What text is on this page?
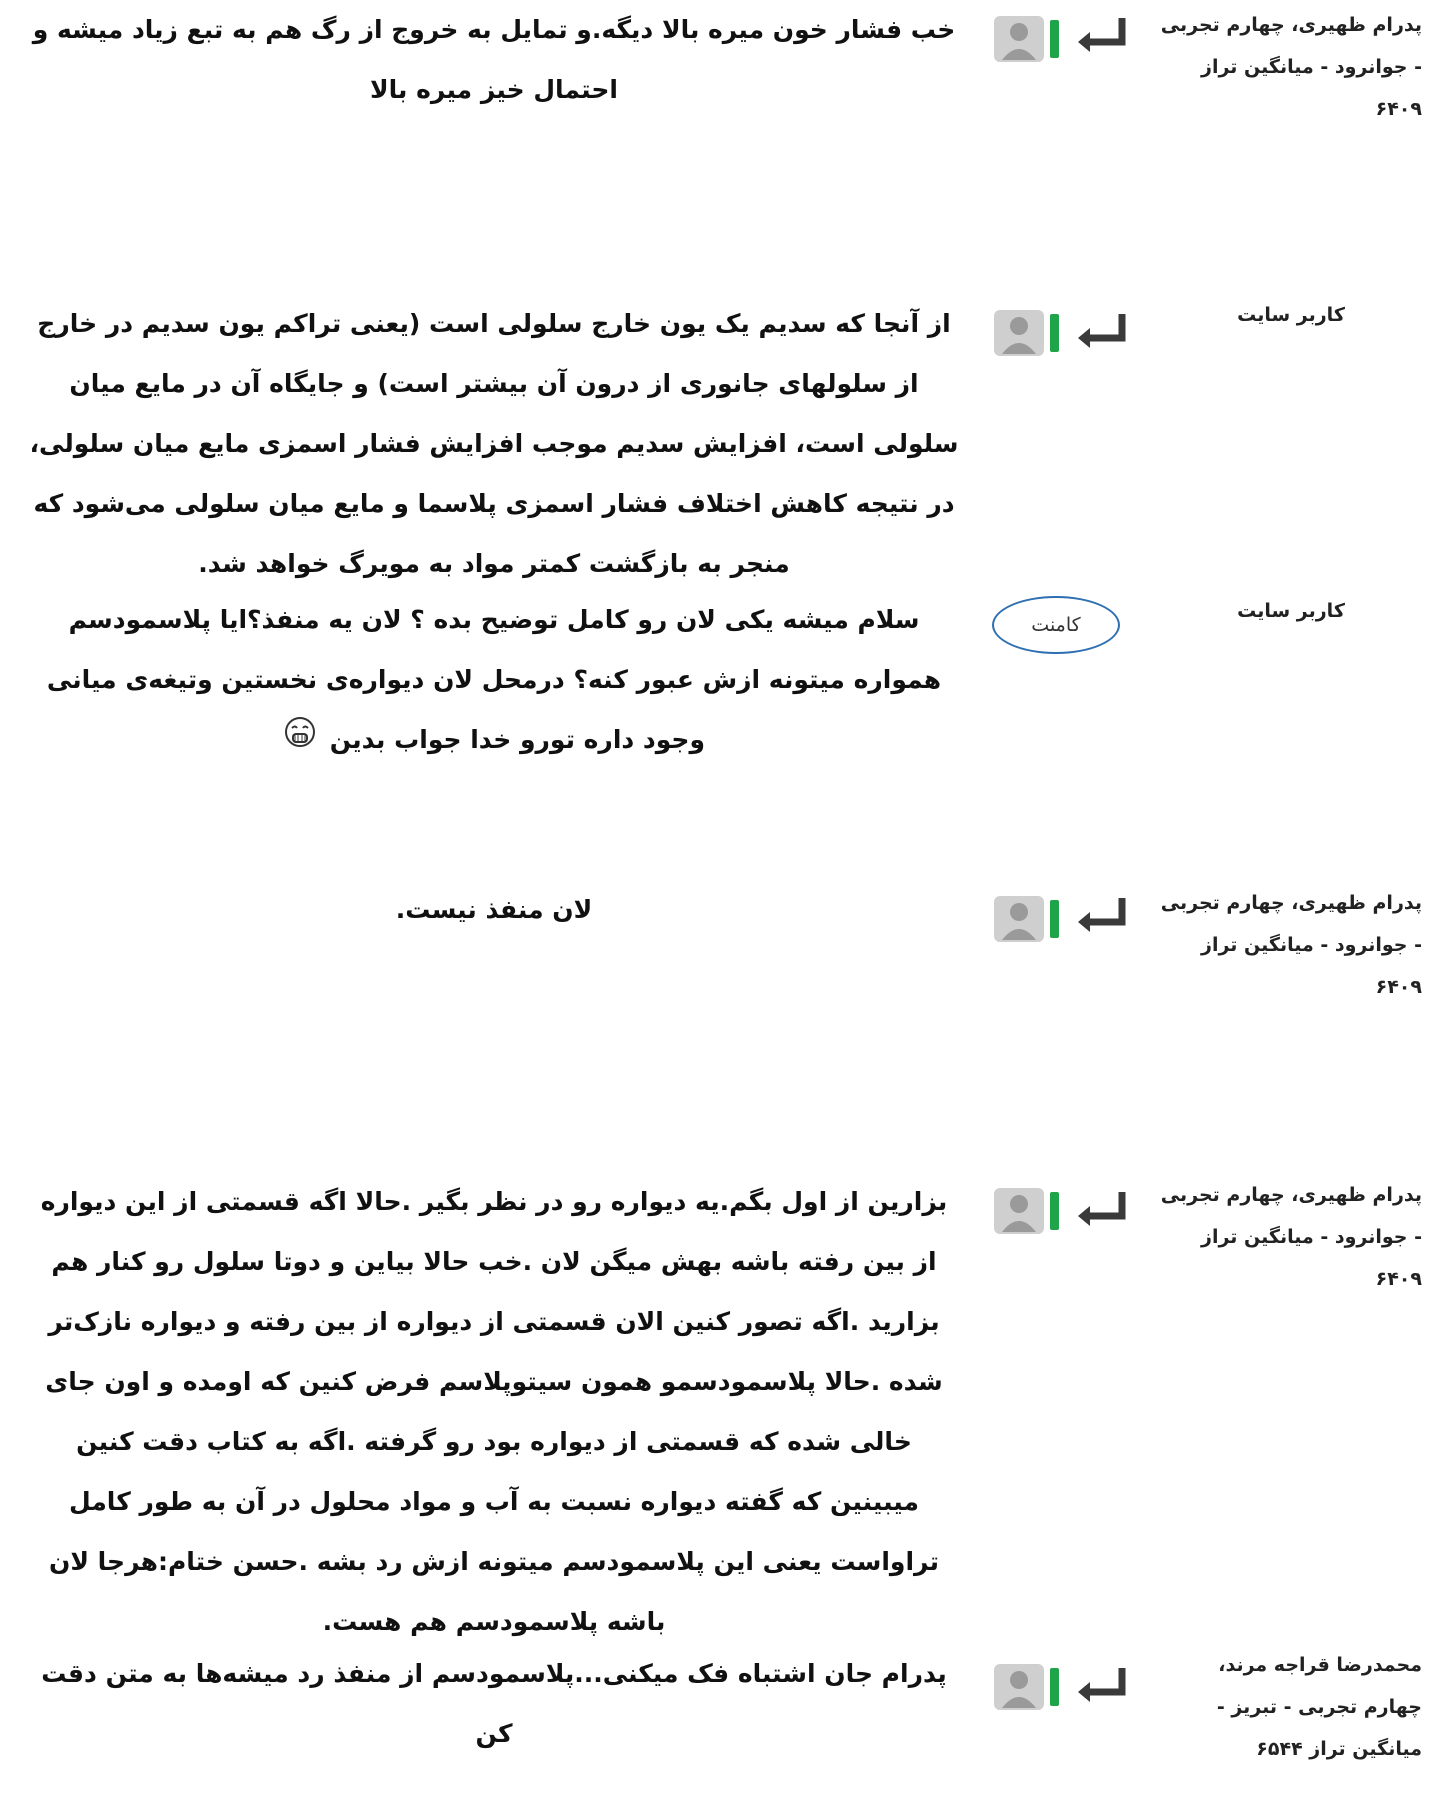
پدرام ظهیری، چهارم تجربی - جوانرود - میانگین تراز ۶۴۰۹
خب فشار خون میره بالا دیگه.و تمایل به خروج از رگ هم به تبع زیاد میشه و احتمال خیز میره بالا
کاربر سایت
از آنجا که سدیم یک یون خارج سلولی است (یعنی تراکم یون سدیم در خارج از سلولهای جانوری از درون آن بیشتر است) و جایگاه آن در مایع میان سلولی است، افزایش سدیم موجب افزایش فشار اسمزی مایع میان سلولی، در نتیجه کاهش اختلاف فشار اسمزی پلاسما و مایع میان سلولی می‌شود که منجر به بازگشت کمتر مواد به مویرگ خواهد شد.
کاربر سایت
کامنت
سلام میشه یکی لان رو کامل توضیح بده ؟ لان یه منفذ؟ایا پلاسمودسم همواره میتونه ازش عبور کنه؟ درمحل لان دیواره‌ی نخستین وتیغه‌ی میانی وجود داره تورو خدا جواب بدین
پدرام ظهیری، چهارم تجربی - جوانرود - میانگین تراز ۶۴۰۹
لان منفذ نیست.
پدرام ظهیری، چهارم تجربی - جوانرود - میانگین تراز ۶۴۰۹
بزارین از اول بگم.یه دیواره رو در نظر بگیر .حالا اگه قسمتی از این دیواره از بین رفته باشه بهش میگن لان .خب حالا بیاین و دوتا سلول رو کنار هم بزارید .اگه تصور کنین الان قسمتی از دیواره از بین رفته و دیواره نازک‌تر شده .حالا پلاسمودسمو همون سیتوپلاسم فرض کنین که اومده و اون جای خالی شده که قسمتی از دیواره بود رو گرفته .اگه به کتاب دقت کنین میبینین که گفته دیواره نسبت به آب و مواد محلول در آن به طور کامل تراواست یعنی این پلاسمودسم میتونه ازش رد بشه .حسن ختام:هرجا لان باشه پلاسمودسم هم هست.
محمدرضا قراجه مرند، چهارم تجربی - تبریز - میانگین تراز ۶۵۴۴
پدرام جان اشتباه فک میکنی...پلاسمودسم از منفذ رد میشه‌ها به متن دقت کن
